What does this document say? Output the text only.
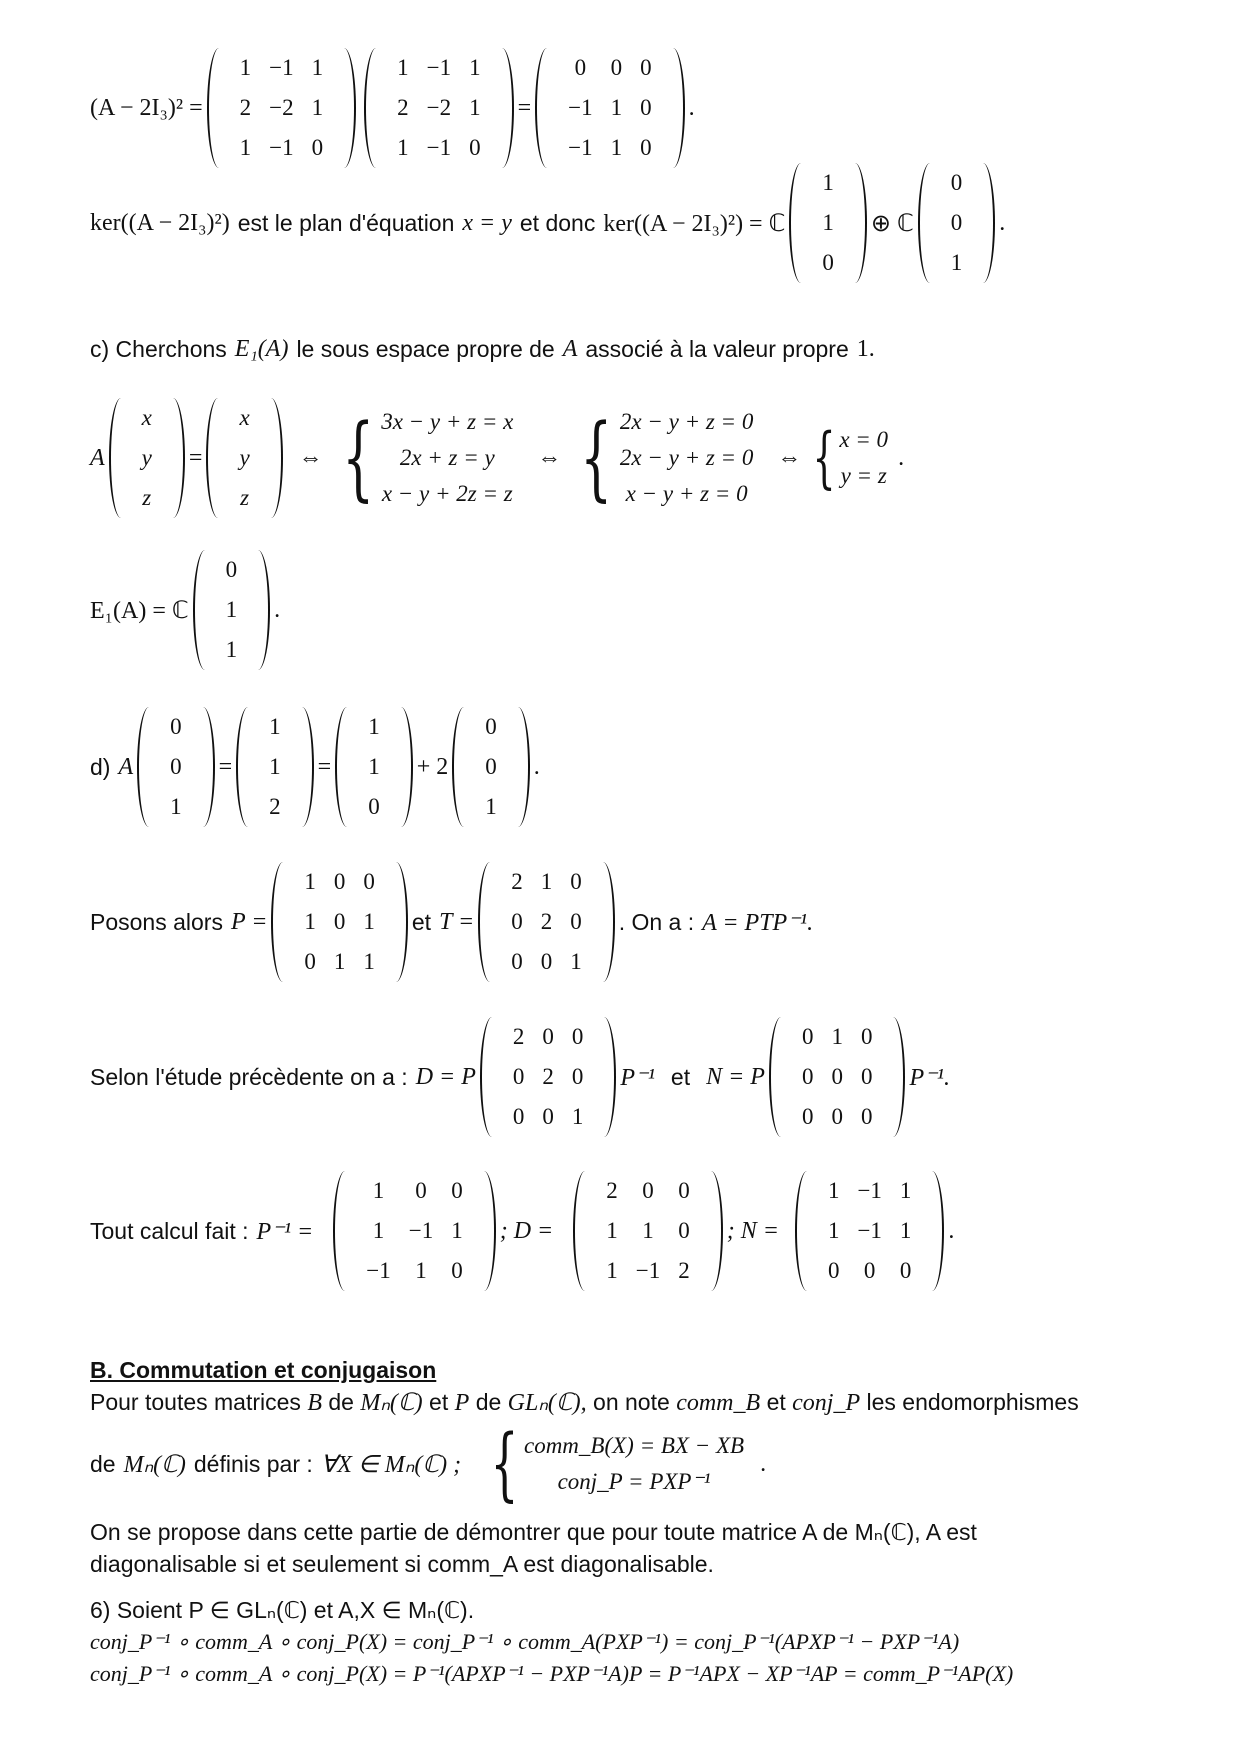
(A − 2I₃)² =
1	−1	1
2	−2	1
1	−1	0
1	−1	1
2	−2	1
1	−1	0
=
0	0	0
−1	1	0
−1	1	0
.
ker((A − 2I₃)²) est le plan d'équation x = y et donc ker((A − 2I₃)²) = ℂ
1
1
0
⊕ ℂ
0
0
1
.
c) Cherchons E₁(A) le sous espace propre de A associé à la valeur propre 1.
A
x
y
z
=
x
y
z
⇔ { 3x − y + z = x
2x + z = y
x − y + 2z = z
⇔ { 2x − y + z = 0
2x − y + z = 0
x − y + z = 0
⇔ { x = 0
y = z
.
E₁(A) = ℂ
0
1
1
.
d) A
0
0
1
=
1
1
2
=
1
1
0
+ 2
0
0
1
.
Posons alors P =
1	0	0
1	0	1
0	1	1
et T =
2	1	0
0	2	0
0	0	1
. On a : A = PTP⁻¹.
Selon l'étude précèdente on a : D = P
2	0	0
0	2	0
0	0	1
P⁻¹ et N = P
0	1	0
0	0	0
0	0	0
P⁻¹.
Tout calcul fait : P⁻¹ =
1	0	0
1	−1	1
−1	1	0
; D =
2	0	0
1	1	0
1	−1	2
; N =
1	−1	1
1	−1	1
0	0	0
.
B. Commutation et conjugaison
Pour toutes matrices B de Mₙ(ℂ) et P de GLₙ(ℂ), on note comm_B et conj_P les endomorphismes
de Mₙ(ℂ) définis par : ∀X ∈ Mₙ(ℂ) ; { comm_B(X) = BX − XB
conj_P = PXP⁻¹
.
On se propose dans cette partie de démontrer que pour toute matrice A de Mₙ(ℂ), A est
diagonalisable si et seulement si comm_A est diagonalisable.
6) Soient P ∈ GLₙ(ℂ) et A,X ∈ Mₙ(ℂ).
conj_P⁻¹ ∘ comm_A ∘ conj_P(X) = conj_P⁻¹ ∘ comm_A(PXP⁻¹) = conj_P⁻¹(APXP⁻¹ − PXP⁻¹A)
conj_P⁻¹ ∘ comm_A ∘ conj_P(X) = P⁻¹(APXP⁻¹ − PXP⁻¹A)P = P⁻¹APX − XP⁻¹AP = comm_P⁻¹AP(X)
